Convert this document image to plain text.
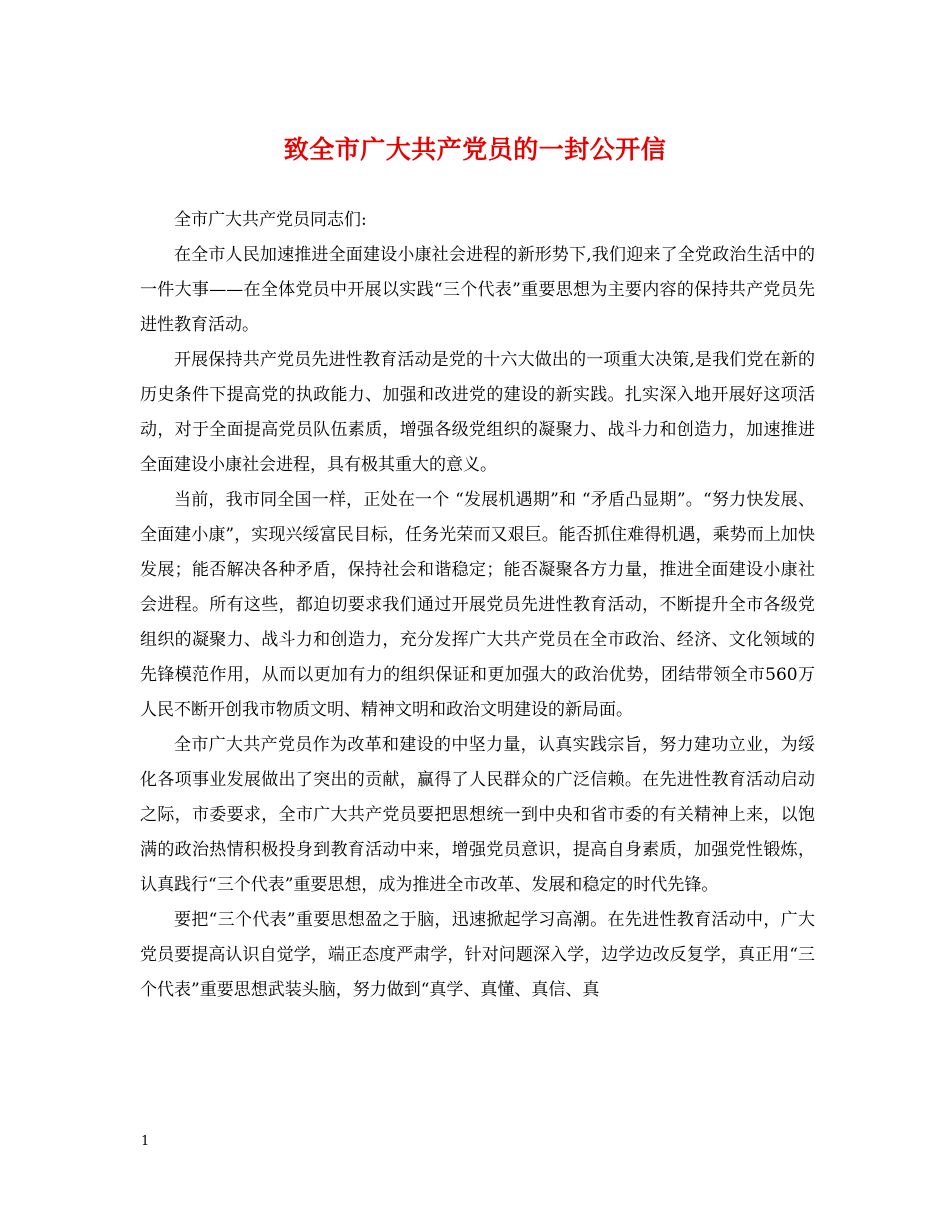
致全市广大共产党员的一封公开信

全市广大共产党员同志们:

在全市人民加速推进全面建设小康社会进程的新形势下,我们迎来了全党政治生活中的一件大事——在全体党员中开展以实践“三个代表”重要思想为主要内容的保持共产党员先进性教育活动。

开展保持共产党员先进性教育活动是党的十六大做出的一项重大决策,是我们党在新的历史条件下提高党的执政能力、加强和改进党的建设的新实践。扎实深入地开展好这项活动，对于全面提高党员队伍素质，增强各级党组织的凝聚力、战斗力和创造力，加速推进全面建设小康社会进程，具有极其重大的意义。

当前，我市同全国一样，正处在一个 “发展机遇期”和 “矛盾凸显期”。“努力快发展、全面建小康”，实现兴绥富民目标，任务光荣而又艰巨。能否抓住难得机遇，乘势而上加快发展；能否解决各种矛盾，保持社会和谐稳定；能否凝聚各方力量，推进全面建设小康社会进程。所有这些，都迫切要求我们通过开展党员先进性教育活动，不断提升全市各级党组织的凝聚力、战斗力和创造力，充分发挥广大共产党员在全市政治、经济、文化领域的先锋模范作用，从而以更加有力的组织保证和更加强大的政治优势，团结带领全市560万人民不断开创我市物质文明、精神文明和政治文明建设的新局面。

全市广大共产党员作为改革和建设的中坚力量，认真实践宗旨，努力建功立业，为绥化各项事业发展做出了突出的贡献，赢得了人民群众的广泛信赖。在先进性教育活动启动之际，市委要求，全市广大共产党员要把思想统一到中央和省市委的有关精神上来，以饱满的政治热情积极投身到教育活动中来，增强党员意识，提高自身素质，加强党性锻炼，认真践行“三个代表”重要思想，成为推进全市改革、发展和稳定的时代先锋。

要把“三个代表”重要思想盈之于脑，迅速掀起学习高潮。在先进性教育活动中，广大党员要提高认识自觉学，端正态度严肃学，针对问题深入学，边学边改反复学，真正用“三个代表”重要思想武装头脑，努力做到“真学、真懂、真信、真

1
